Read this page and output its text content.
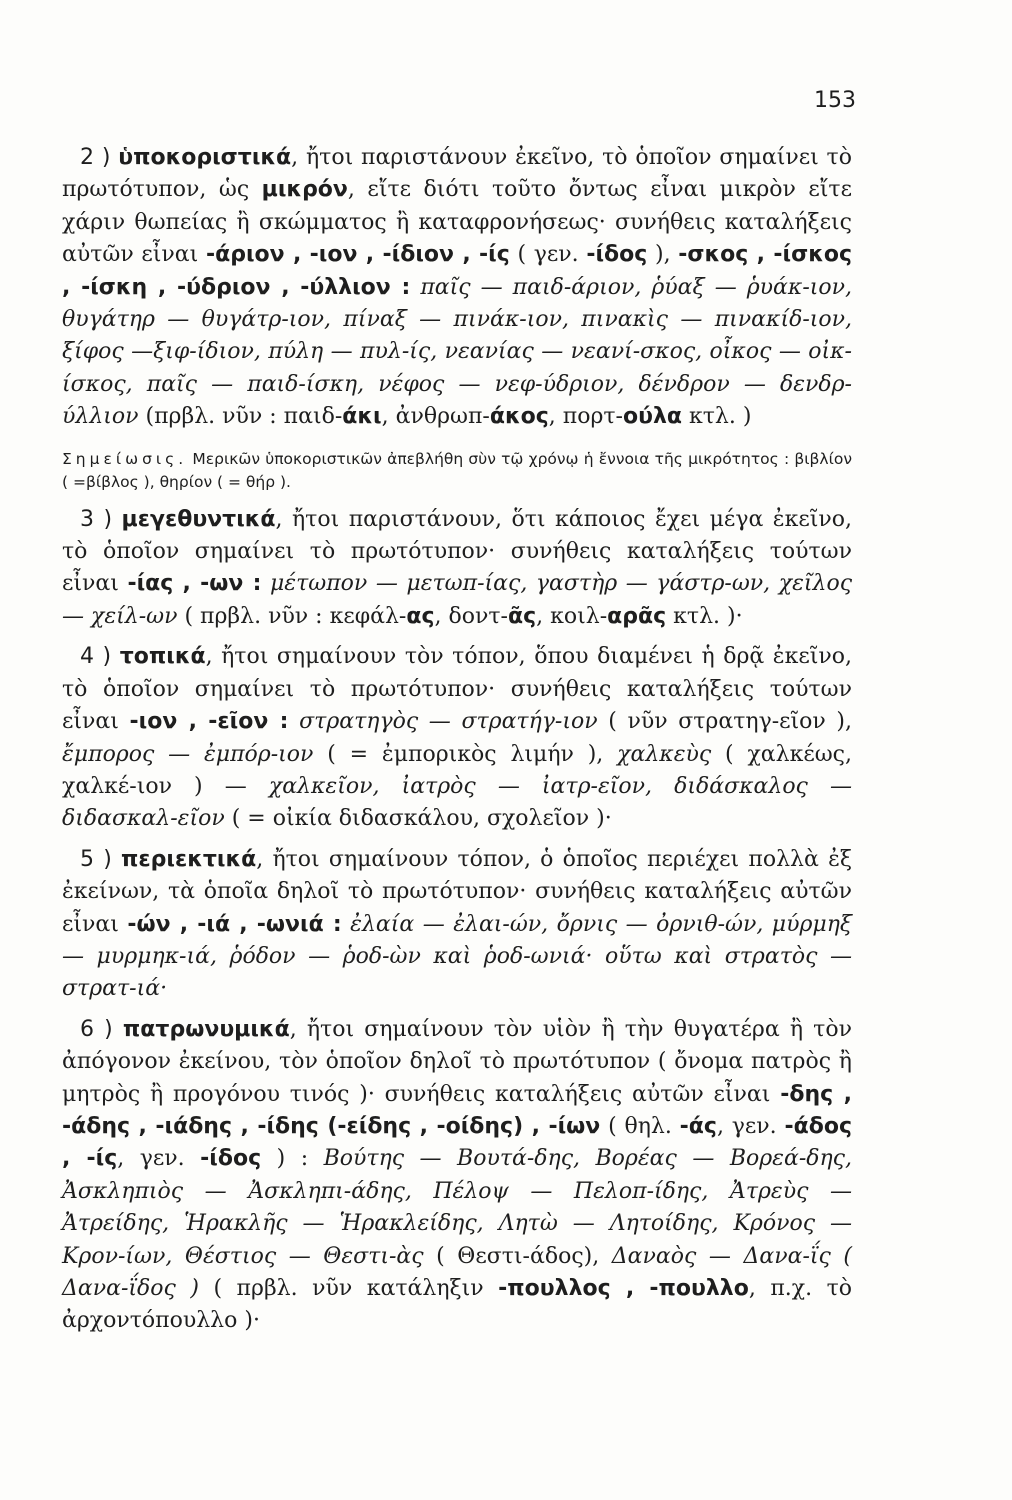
153

2 ) ὑποκοριστικά, ἤτοι παριστάνουν ἐκεῖνο, τὸ ὁποῖον σημαίνει τὸ πρωτότυπον, ὡς μικρόν, εἴτε διότι τοῦτο ὄντως εἶναι μικρὸν εἴτε χάριν θωπείας ἢ σκώμματος ἢ καταφρονήσεως· συνήθεις καταλήξεις αὐτῶν εἶναι -άριον , -ιον , -ίδιον , -ίς ( γεν. -ίδος ), -σκος , -ίσκος , -ίσκη , -ύδριον , -ύλλιον : παῖς — παιδ-άριον, ῥύαξ — ῥυάκ-ιον, θυγάτηρ — θυγάτρ-ιον, πίναξ — πινάκ-ιον, πινακὶς — πινακίδ-ιον, ξίφος —ξιφ-ίδιον, πύλη — πυλ-ίς, νεανίας — νεανί-σκος, οἶκος — οἰκ-ίσκος, παῖς — παιδ-ίσκη, νέφος — νεφ-ύδριον, δένδρον — δενδρ-ύλλιον (πρβλ. νῦν : παιδ-άκι, ἀνθρωπ-άκος, πορτ-ούλα κτλ. )

Σημείωσις. Μερικῶν ὑποκοριστικῶν ἀπεβλήθη σὺν τῷ χρόνῳ ἡ ἔννοια τῆς μικρότητος : βιβλίον ( =βίβλος ), θηρίον ( = θήρ ).

3 ) μεγεθυντικά, ἤτοι παριστάνουν, ὅτι κάποιος ἔχει μέγα ἐκεῖνο, τὸ ὁποῖον σημαίνει τὸ πρωτότυπον· συνήθεις καταλήξεις τούτων εἶναι -ίας , -ων : μέτωπον — μετωπ-ίας, γαστὴρ — γάστρ-ων, χεῖλος — χείλ-ων ( πρβλ. νῦν : κεφάλ-ας, δοντ-ᾶς, κοιλ-αρᾶς κτλ. )·

4 ) τοπικά, ἤτοι σημαίνουν τὸν τόπον, ὅπου διαμένει ἡ δρᾷ ἐκεῖνο, τὸ ὁποῖον σημαίνει τὸ πρωτότυπον· συνήθεις καταλήξεις τούτων εἶναι -ιον , -εῖον : στρατηγὸς — στρατήγ-ιον ( νῦν στρατηγ-εῖον ), ἔμπορος — ἐμπόρ-ιον ( = ἐμπορικὸς λιμήν ), χαλκεὺς ( χαλκέως, χαλκέ-ιον ) — χαλκεῖον, ἰατρὸς — ἰατρ-εῖον, διδάσκαλος — διδασκαλ-εῖον ( = οἰκία διδασκάλου, σχολεῖον )·

5 ) περιεκτικά, ἤτοι σημαίνουν τόπον, ὁ ὁποῖος περιέχει πολλὰ ἐξ ἐκείνων, τὰ ὁποῖα δηλοῖ τὸ πρωτότυπον· συνήθεις καταλήξεις αὐτῶν εἶναι -ών , -ιά , -ωνιά : ἐλαία — ἐλαι-ών, ὄρνις — ὀρνιθ-ών, μύρμηξ — μυρμηκ-ιά, ῥόδον — ῥοδ-ὼν καὶ ῥοδ-ωνιά· οὕτω καὶ στρατὸς — στρατ-ιά·

6 ) πατρωνυμικά, ἤτοι σημαίνουν τὸν υἱὸν ἢ τὴν θυγατέρα ἢ τὸν ἀπόγονον ἐκείνου, τὸν ὁποῖον δηλοῖ τὸ πρωτότυπον ( ὄνομα πατρὸς ἢ μητρὸς ἢ προγόνου τινός )· συνήθεις καταλήξεις αὐτῶν εἶναι -δης , -άδης , -ιάδης , -ίδης (-είδης , -οίδης) , -ίων ( θηλ. -άς, γεν. -άδος , -ίς, γεν. -ίδος ) : Βούτης — Βουτά-δης, Βορέας — Βορεά-δης, Ἀσκληπιὸς — Ἀσκληπι-άδης, Πέλοψ — Πελοπ-ίδης, Ἀτρεὺς — Ἀτρείδης, Ἡρακλῆς — Ἡρακλείδης, Λητὼ — Λητοίδης, Κρόνος — Κρον-ίων, Θέστιος — Θεστι-ὰς ( Θεστι-άδος), Δαναὸς — Δανα-ΐς ( Δανα-ΐδος ) ( πρβλ. νῦν κατάληξιν -πουλλος , -πουλλο, π.χ. τὸ ἀρχοντόπουλλο )·
